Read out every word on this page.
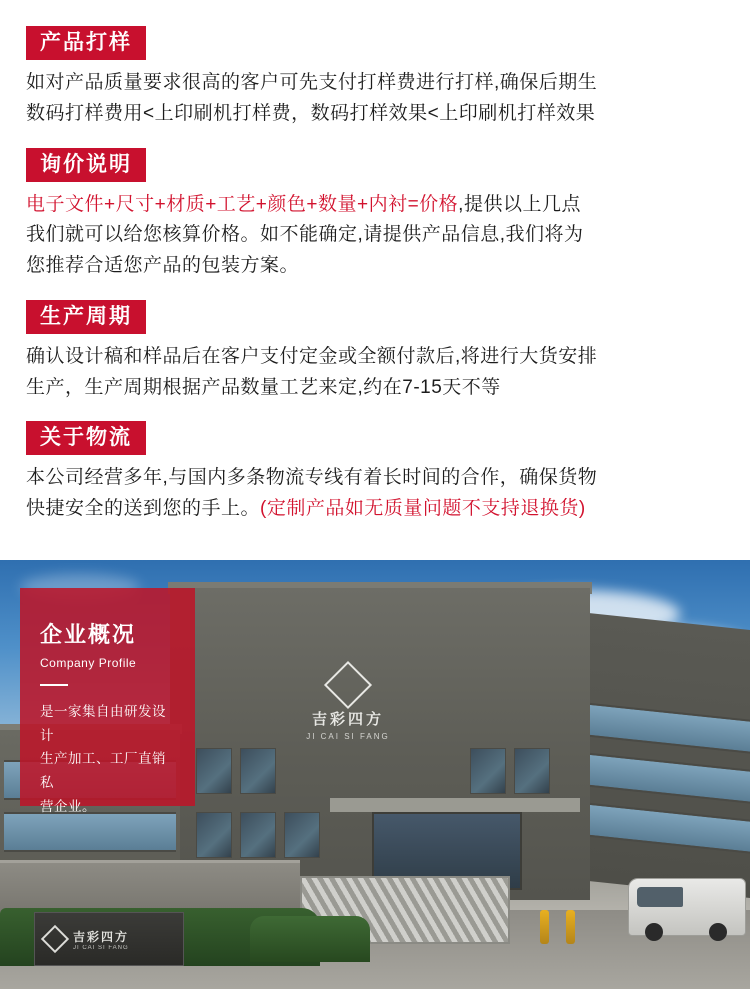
产品打样
如对产品质量要求很高的客户可先支付打样费进行打样,确保后期生
数码打样费用<上印刷机打样费，数码打样效果<上印刷机打样效果
询价说明
电子文件+尺寸+材质+工艺+颜色+数量+内衬=价格,提供以上几点
我们就可以给您核算价格。如不能确定,请提供产品信息,我们将为
您推荐合适您产品的包装方案。
生产周期
确认设计稿和样品后在客户支付定金或全额付款后,将进行大货安排
生产，生产周期根据产品数量工艺来定,约在7-15天不等
关于物流
本公司经营多年,与国内多条物流专线有着长时间的合作，确保货物
快捷安全的送到您的手上。(定制产品如无质量问题不支持退换货)
吉彩四方
JI CAI SI FANG
吉彩四方
JI CAI SI FANG
企业概况
Company Profile
是一家集自由研发设计
生产加工、工厂直销私
营企业。
